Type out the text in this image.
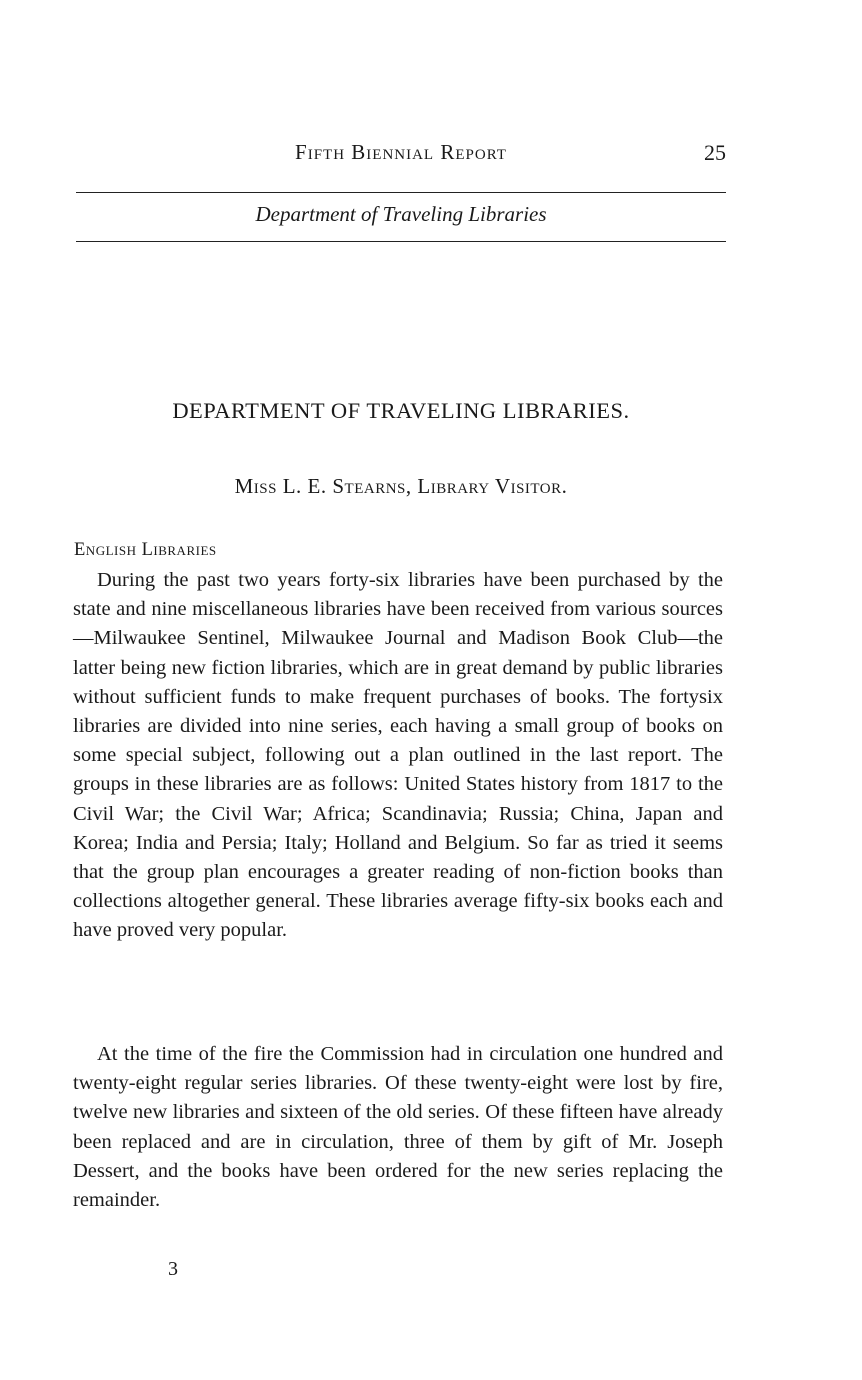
Fifth Biennial Report	25
Department of Traveling Libraries
DEPARTMENT OF TRAVELING LIBRARIES.
Miss L. E. Stearns, Library Visitor.
English Libraries

During the past two years forty-six libraries have been purchased by the state and nine miscellaneous libraries have been received from various sources—Milwaukee Sentinel, Milwaukee Journal and Madison Book Club—the latter being new fiction libraries, which are in great demand by public libraries without sufficient funds to make frequent purchases of books. The fortysix libraries are divided into nine series, each having a small group of books on some special subject, following out a plan outlined in the last report. The groups in these libraries are as follows: United States history from 1817 to the Civil War; the Civil War; Africa; Scandinavia; Russia; China, Japan and Korea; India and Persia; Italy; Holland and Belgium. So far as tried it seems that the group plan encourages a greater reading of non-fiction books than collections altogether general. These libraries average fifty-six books each and have proved very popular.

At the time of the fire the Commission had in circulation one hundred and twenty-eight regular series libraries. Of these twenty-eight were lost by fire, twelve new libraries and sixteen of the old series. Of these fifteen have already been replaced and are in circulation, three of them by gift of Mr. Joseph Dessert, and the books have been ordered for the new series replacing the remainder.

3
